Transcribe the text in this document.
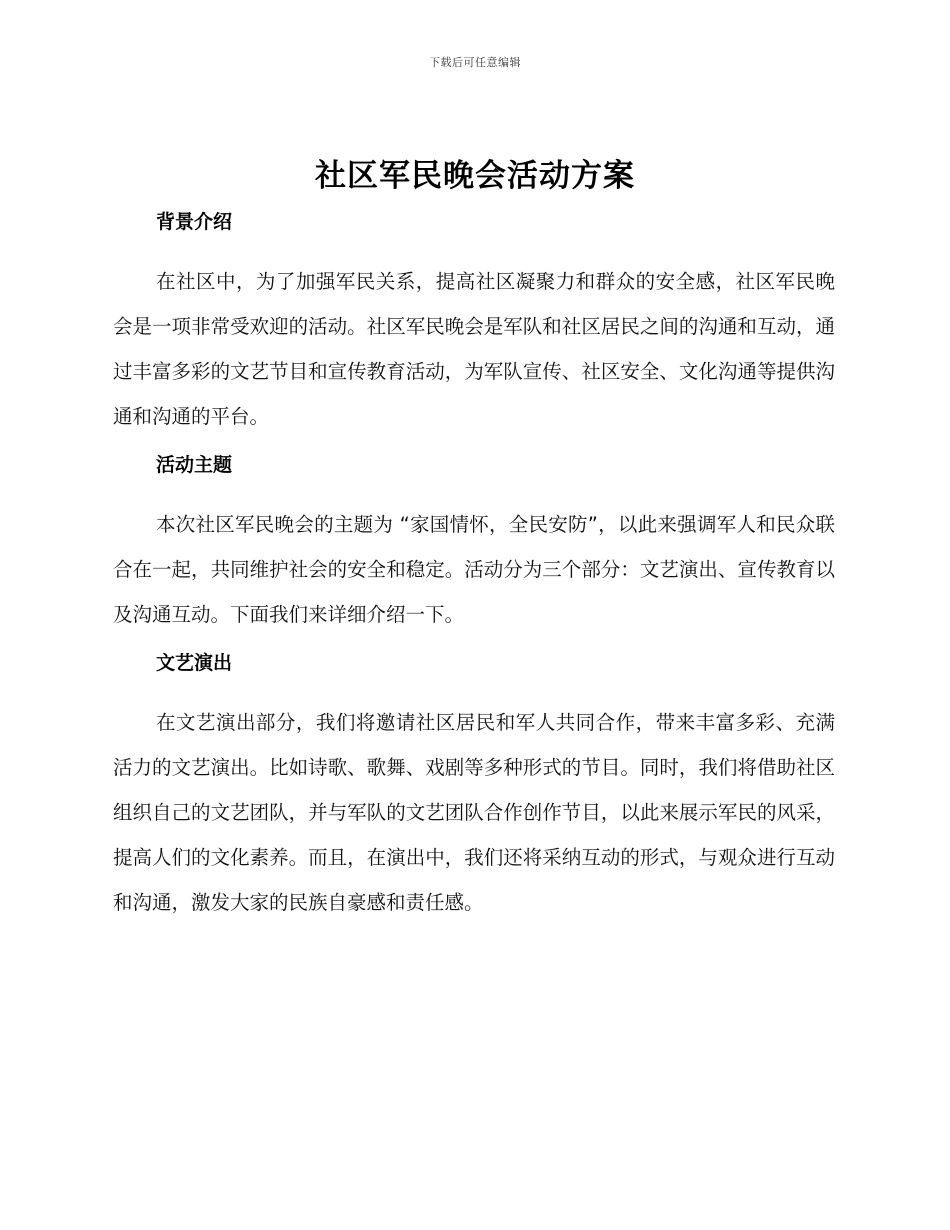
下载后可任意编辑
社区军民晚会活动方案
背景介绍

在社区中，为了加强军民关系，提高社区凝聚力和群众的安全感，社区军民晚会是一项非常受欢迎的活动。社区军民晚会是军队和社区居民之间的沟通和互动，通过丰富多彩的文艺节目和宣传教育活动，为军队宣传、社区安全、文化沟通等提供沟通和沟通的平台。

活动主题

本次社区军民晚会的主题为 “家国情怀，全民安防”，以此来强调军人和民众联合在一起，共同维护社会的安全和稳定。活动分为三个部分：文艺演出、宣传教育以及沟通互动。下面我们来详细介绍一下。

文艺演出

在文艺演出部分，我们将邀请社区居民和军人共同合作，带来丰富多彩、充满活力的文艺演出。比如诗歌、歌舞、戏剧等多种形式的节目。同时，我们将借助社区组织自己的文艺团队，并与军队的文艺团队合作创作节目，以此来展示军民的风采，提高人们的文化素养。而且，在演出中，我们还将采纳互动的形式，与观众进行互动和沟通，激发大家的民族自豪感和责任感。
